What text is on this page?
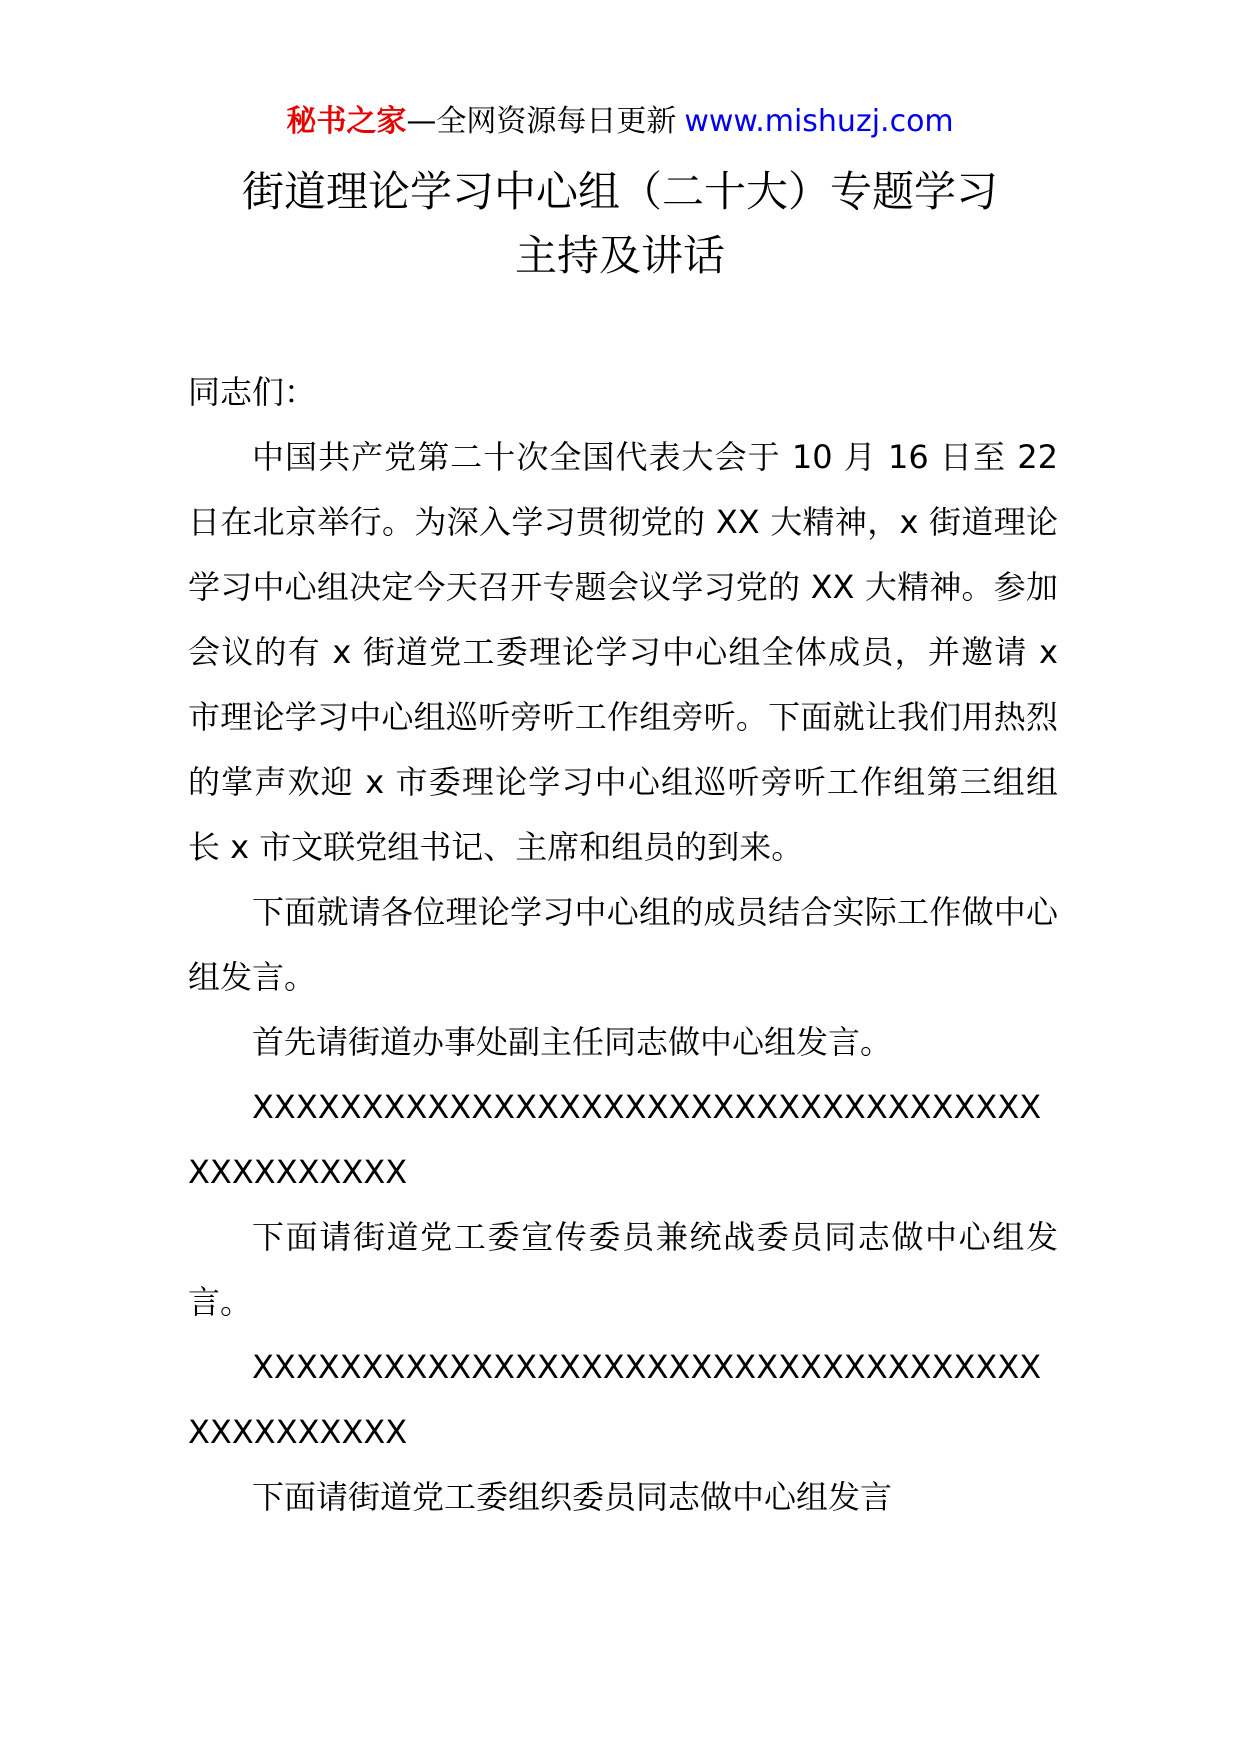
秘书之家—全网资源每日更新 www.mishuzj.com
街道理论学习中心组（二十大）专题学习
主持及讲话

同志们：

中国共产党第二十次全国代表大会于 10 月 16 日至 22 日在北京举行。为深入学习贯彻党的 XX 大精神，x 街道理论学习中心组决定今天召开专题会议学习党的 XX 大精神。参加会议的有 x 街道党工委理论学习中心组全体成员，并邀请 x 市理论学习中心组巡听旁听工作组旁听。下面就让我们用热烈的掌声欢迎 x 市委理论学习中心组巡听旁听工作组第三组组长 x 市文联党组书记、主席和组员的到来。

下面就请各位理论学习中心组的成员结合实际工作做中心组发言。

首先请街道办事处副主任同志做中心组发言。

XXXXXXXXXXXXXXXXXXXXXXXXXXXXXXXXXXXXXXXXXXXXXX

下面请街道党工委宣传委员兼统战委员同志做中心组发言。

XXXXXXXXXXXXXXXXXXXXXXXXXXXXXXXXXXXXXXXXXXXXXX

下面请街道党工委组织委员同志做中心组发言
